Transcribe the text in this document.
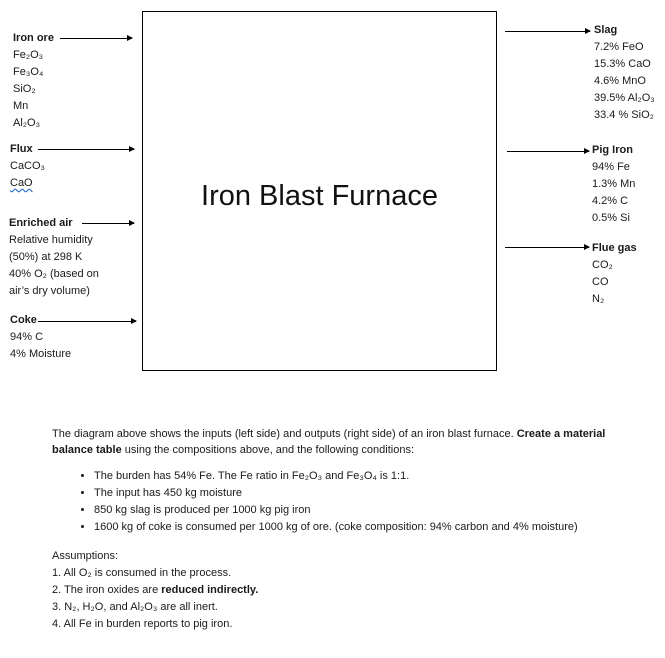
Iron Blast Furnace
Iron ore
Fe₂O₃
Fe₃O₄
SiO₂
Mn
Al₂O₃
Flux
CaCO₃
CaO
Enriched air
Relative humidity
(50%) at 298 K
40% O₂ (based on
air’s dry volume)
Coke
94% C
4% Moisture
Slag
7.2% FeO
15.3% CaO
4.6% MnO
39.5% Al₂O₃
33.4 % SiO₂
Pig Iron
94% Fe
1.3% Mn
4.2% C
0.5% Si
Flue gas
CO₂
CO
N₂

The diagram above shows the inputs (left side) and outputs (right side) of an iron blast furnace. Create a material balance table using the compositions above, and the following conditions:

• The burden has 54% Fe. The Fe ratio in Fe₂O₃ and Fe₃O₄ is 1:1.
• The input has 450 kg moisture
• 850 kg slag is produced per 1000 kg pig iron
• 1600 kg of coke is consumed per 1000 kg of ore. (coke composition: 94% carbon and 4% moisture)
Assumptions:
1. All O₂ is consumed in the process.
2. The iron oxides are reduced indirectly.
3. N₂, H₂O, and Al₂O₃ are all inert.
4. All Fe in burden reports to pig iron.
